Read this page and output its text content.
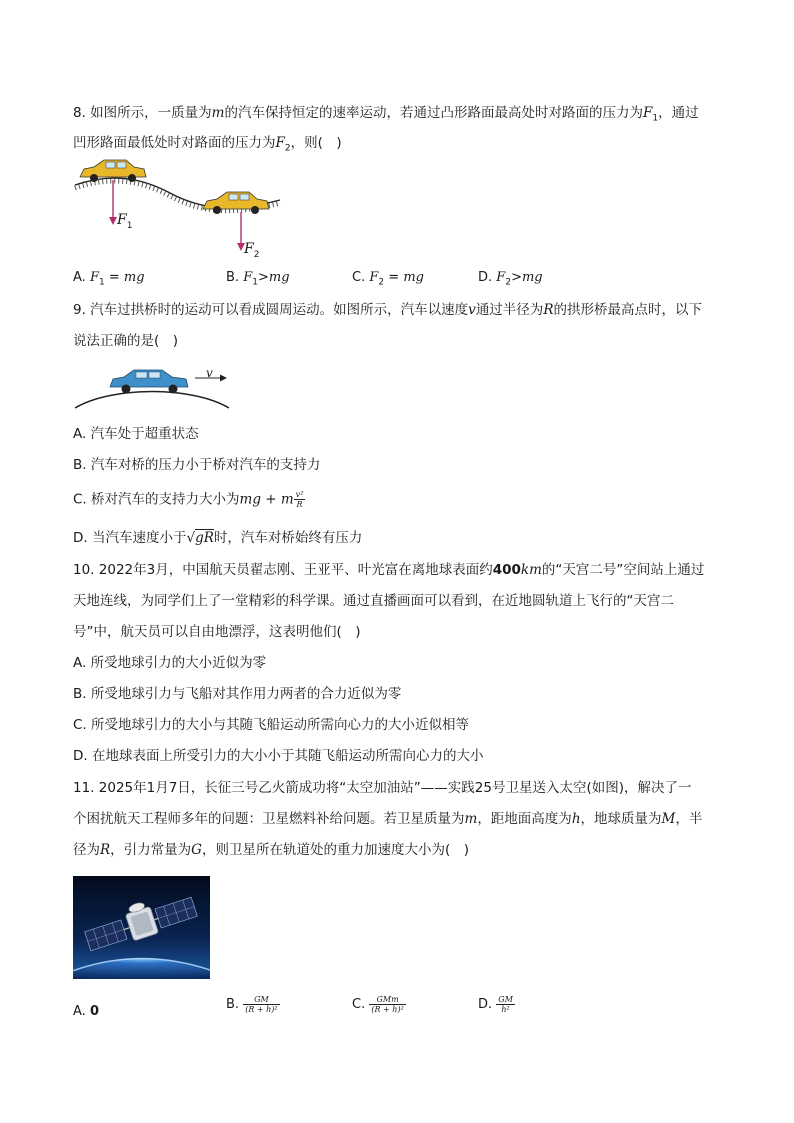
8. 如图所示，一质量为m的汽车保持恒定的速率运动，若通过凸形路面最高处时对路面的压力为$F_1$，通过
凹形路面最低处时对路面的压力为$F_2$，则(　)
$F_1$
$F_2$
A. $F_1$ = mg	B. $F_1>mg$	C. $F_2$ = mg	D. $F_2>mg$
9. 汽车过拱桥时的运动可以看成圆周运动。如图所示，汽车以速度v通过半径为R的拱形桥最高点时，以下
说法正确的是(　)
v
A. 汽车处于超重状态
B. 汽车对桥的压力小于桥对汽车的支持力
C. 桥对汽车的支持力大小为mg + m $\frac{\text{v²}}{R}$
D. 当汽车速度小于√gR时，汽车对桥始终有压力
10. 2022年3月，中国航天员翟志刚、王亚平、叶光富在离地球表面约400km的“天宫二号”空间站上通过
天地连线，为同学们上了一堂精彩的科学课。通过直播画面可以看到，在近地圆轨道上飞行的“天宫二
号”中，航天员可以自由地漂浮，这表明他们(　)
A. 所受地球引力的大小近似为零
B. 所受地球引力与飞船对其作用力两者的合力近似为零
C. 所受地球引力的大小与其随飞船运动所需向心力的大小近似相等
D. 在地球表面上所受引力的大小小于其随飞船运动所需向心力的大小
11. 2025年1月7日，长征三号乙火箭成功将“太空加油站”——实践25号卫星送入太空(如图)，解决了一
个困扰航天工程师多年的问题：卫星燃料补给问题。若卫星质量为m，距地面高度为h，地球质量为M，半
径为R，引力常量为G，则卫星所在轨道处的重力加速度大小为(　)
A. 0	B. $\frac{GM}{\text{(R + h)²}}$	C. $\frac{\text{GMm}}{\text{(R + h)²}}$	D. $\frac{GM}{\text{h²}}$
